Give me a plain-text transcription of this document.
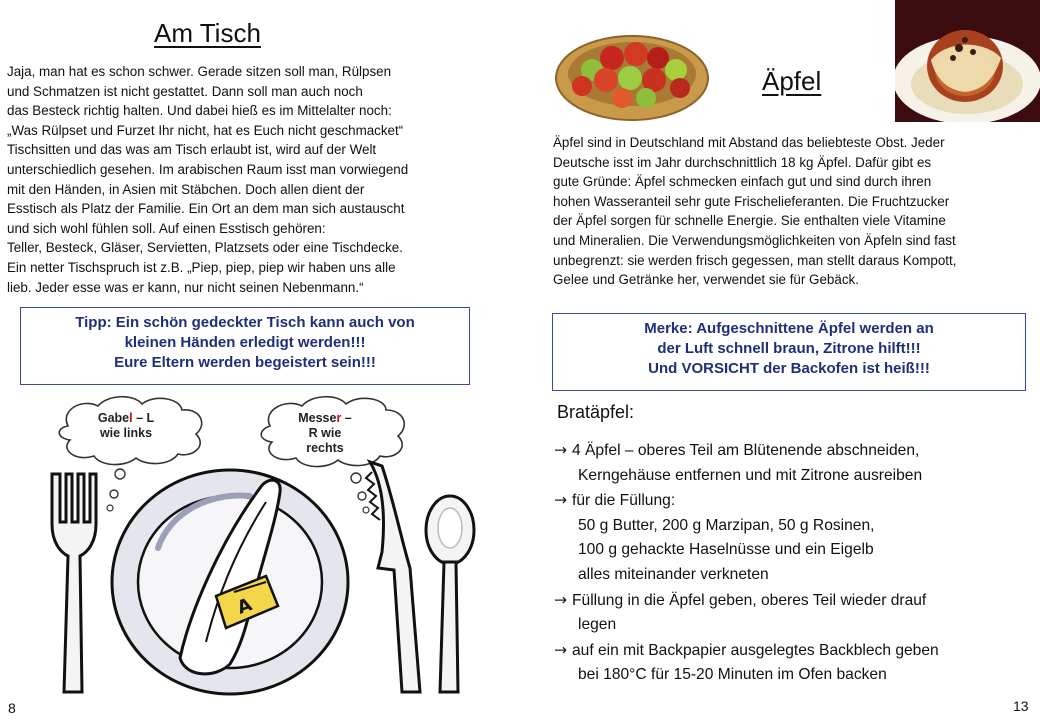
Am Tisch
Jaja, man hat es schon schwer. Gerade sitzen soll man, Rülpsen
und Schmatzen ist nicht gestattet. Dann soll man auch noch
das Besteck richtig halten. Und dabei hieß es im Mittelalter noch:
„Was Rülpset und Furzet Ihr nicht, hat es Euch nicht geschmacket“
Tischsitten und das was am Tisch erlaubt ist, wird auf der Welt
unterschiedlich gesehen. Im arabischen Raum isst man vorwiegend
mit den Händen, in Asien mit Stäbchen. Doch allen dient der
Esstisch als Platz der Familie. Ein Ort an dem man sich austauscht
und sich wohl fühlen soll. Auf einen Esstisch gehören:
Teller, Besteck, Gläser, Servietten, Platzsets oder eine Tischdecke.
Ein netter Tischspruch ist z.B. „Piep, piep, piep wir haben uns alle
lieb. Jeder esse was er kann, nur nicht seinen Nebenmann.“
Tipp: Ein schön gedeckter Tisch kann auch von
kleinen Händen erledigt werden!!!
Eure Eltern werden begeistert sein!!!
A
Gabel – L
wie links
Messer –
R wie
rechts
8
Äpfel
Äpfel sind in Deutschland mit Abstand das beliebteste Obst. Jeder
Deutsche isst im Jahr durchschnittlich 18 kg Äpfel. Dafür gibt es
gute Gründe: Äpfel schmecken einfach gut und sind durch ihren
hohen Wasseranteil sehr gute Frischelieferanten. Die Fruchtzucker
der Äpfel sorgen für schnelle Energie. Sie enthalten viele Vitamine
und Mineralien. Die Verwendungsmöglichkeiten von Äpfeln sind fast
unbegrenzt: sie werden frisch gegessen, man stellt daraus Kompott,
Gelee und Getränke her, verwendet sie für Gebäck.
Merke: Aufgeschnittene Äpfel werden an
der Luft schnell braun, Zitrone hilft!!!
Und VORSICHT der Backofen ist heiß!!!
Bratäpfel:
→ 4 Äpfel – oberes Teil am Blütenende abschneiden,
Kerngehäuse entfernen und mit Zitrone ausreiben
→ für die Füllung:
50 g Butter, 200 g Marzipan, 50 g Rosinen,
100 g gehackte Haselnüsse und ein Eigelb
alles miteinander verkneten
→ Füllung in die Äpfel geben, oberes Teil wieder drauf
legen
→ auf ein mit Backpapier ausgelegtes Backblech geben
bei 180°C für 15-20 Minuten im Ofen backen
13
